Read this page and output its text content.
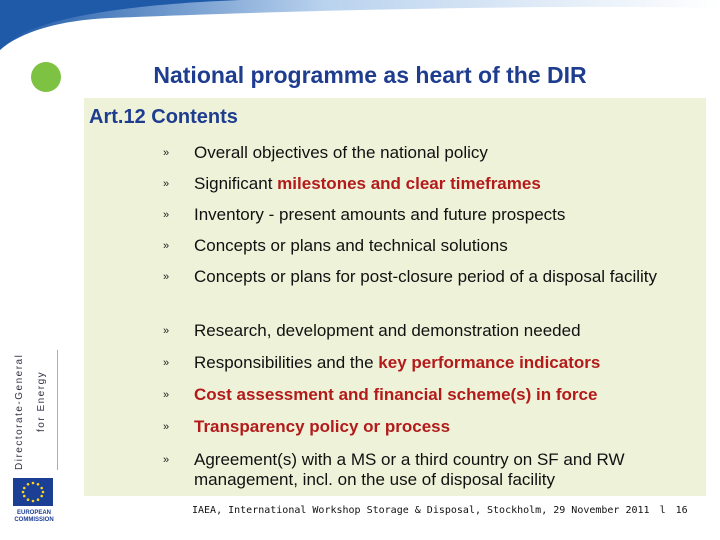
National programme as heart of the DIR
Art.12 Contents
» Overall objectives of the national policy
» Significant milestones and clear timeframes
» Inventory - present amounts and future prospects
» Concepts or plans and technical solutions
» Concepts or plans for post-closure period of a disposal facility
» Research, development and demonstration needed
» Responsibilities and the key performance indicators
» Cost assessment and financial scheme(s) in force
» Transparency policy or process
» Agreement(s) with a MS or a third country on SF and RW management, incl. on the use of disposal facility
Directorate-General for Energy
EUROPEAN COMMISSION
IAEA, International Workshop Storage & Disposal, Stockholm, 29 November 2011 l 16
